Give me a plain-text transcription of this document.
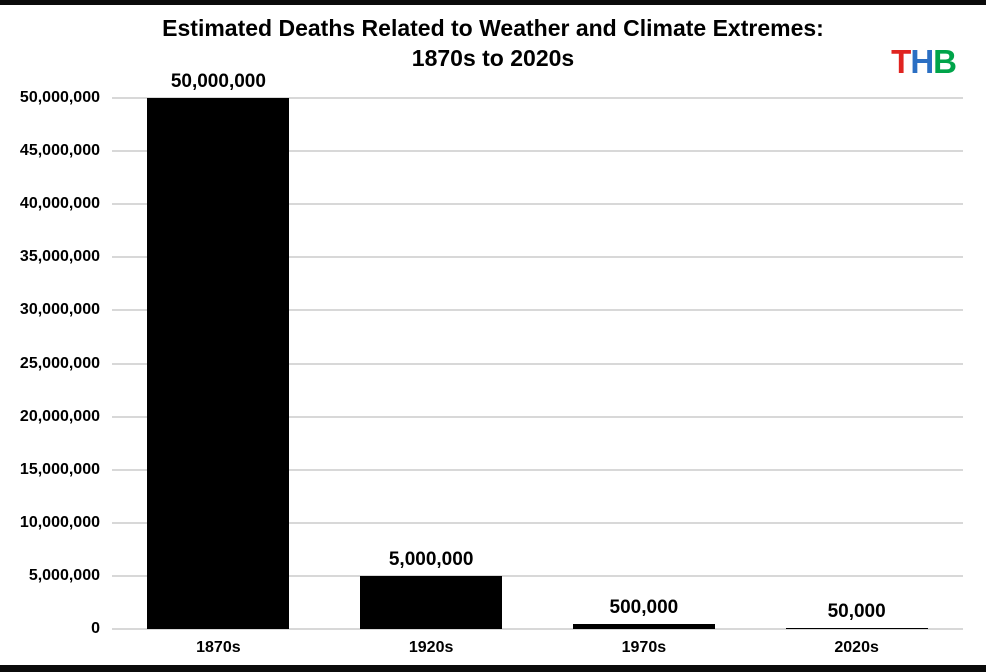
Estimated Deaths Related to Weather and Climate Extremes:
1870s to 2020s	THB
0
5,000,000
10,000,000
15,000,000
20,000,000
25,000,000
30,000,000
35,000,000
40,000,000
45,000,000
50,000,000
50,000,000
5,000,000
500,000	50,000
1870s	1920s	1970s	2020s
